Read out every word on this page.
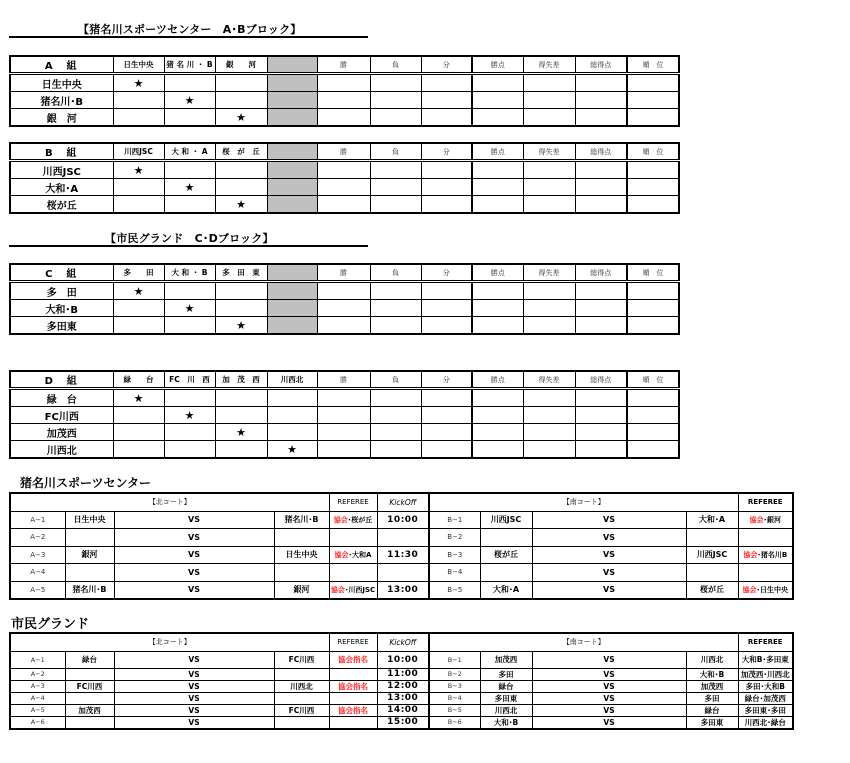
【猪名川スポーツセンター　A･Bブロック】
A　組	日生中央	猪 名 川 ・ B	銀　　河		勝	負	分	勝点	得失差	総得点	順　位
日生中央	★										
猪名川･B		★									
銀　河			★								
B　組	川西JSC	大 和 ・ A	桜　が　丘		勝	負	分	勝点	得失差	総得点	順　位
川西JSC	★										
大和･A		★									
桜が丘			★								
C　組	多　　田	大 和 ・ B	多　田　東		勝	負	分	勝点	得失差	総得点	順　位
多　田	★										
大和･B		★									
多田東			★								
D　組	緑　　台	FC　川　西	加　茂　西	川西北	勝	負	分	勝点	得失差	総得点	順　位
緑　台	★										
FC川西		★									
加茂西			★								
川西北				★							
【市民グランド　C･Dブロック】
猪名川スポーツセンター
市民グランド
【北コート】				REFEREE	KickOff	【南コート】				REFEREE
A−1	日生中央	VS	猪名川･B	協会･桜が丘	10:00	B−1	川西JSC	VS	大和･A	協会･銀河
A−2		VS				B−2		VS		
A−3	銀河	VS	日生中央	協会･大和A	11:30	B−3	桜が丘	VS	川西JSC	協会･猪名川B
A−4		VS				B−4		VS		
A−5	猪名川･B	VS	銀河	協会･川西JSC	13:00	B−5	大和･A	VS	桜が丘	協会･日生中央
【北コート】				REFEREE	KickOff	【南コート】				REFEREE
A−1	緑台	VS	FC川西	協会指名	10:00	B−1	加茂西	VS	川西北	大和B･多田東
A−2		VS			11:00	B−2	多田	VS	大和･B	加茂西･川西北
A−3	FC川西	VS	川西北	協会指名	12:00	B−3	緑台	VS	加茂西	多田･大和B
A−4		VS			13:00	B−4	多田東	VS	多田	緑台･加茂西
A−5	加茂西	VS	FC川西	協会指名	14:00	B−5	川西北	VS	緑台	多田東･多田
A−6		VS			15:00	B−6	大和･B	VS	多田東	川西北･緑台
